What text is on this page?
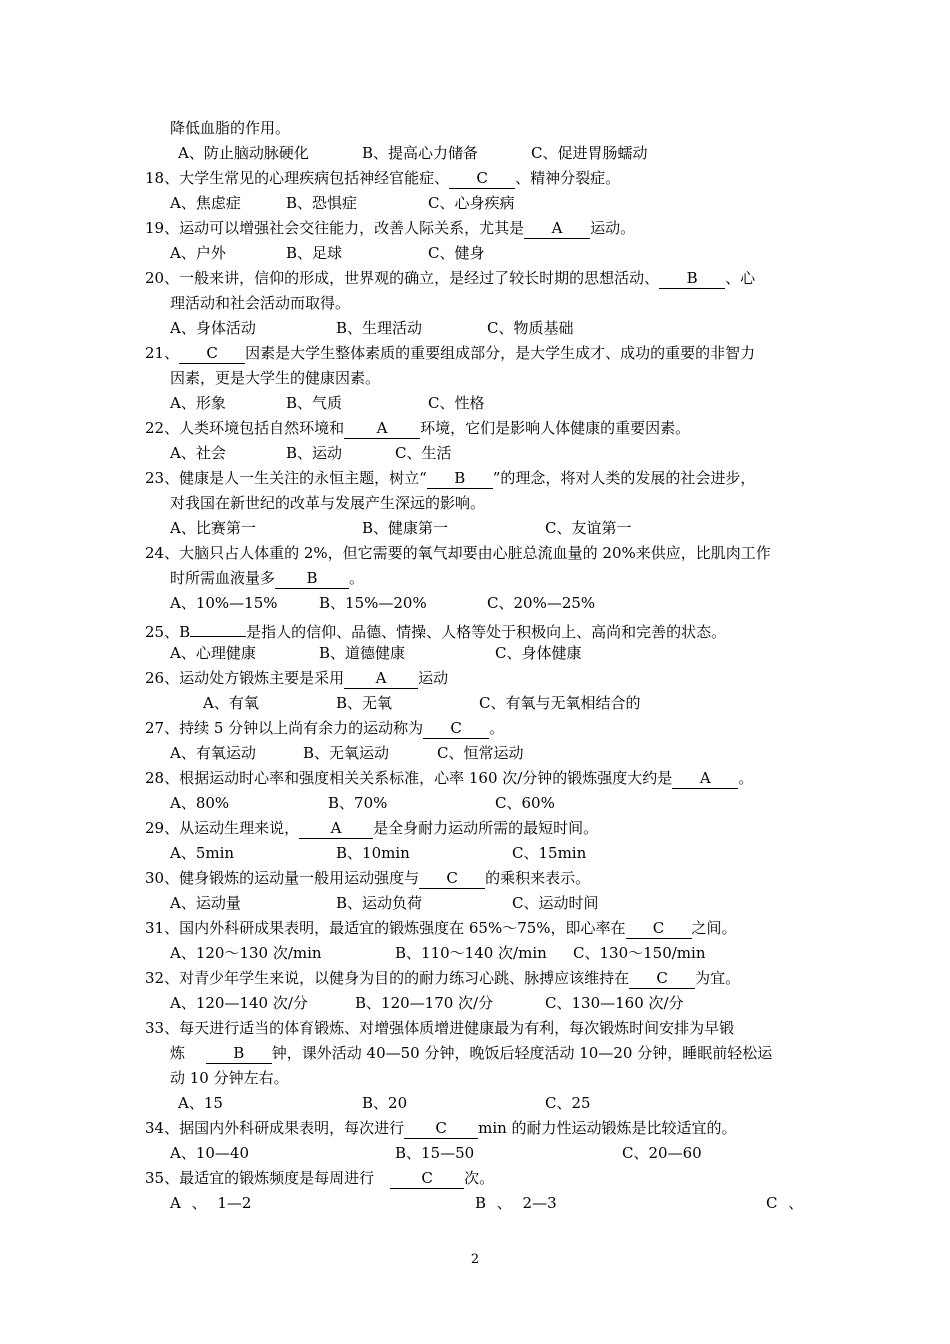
降低血脂的作用。
A、防止脑动脉硬化	B、提高心力储备	C、促进胃肠蠕动
18、大学生常见的心理疾病包括神经官能症、 C 、精神分裂症。
A、焦虑症	B、恐惧症	C、心身疾病
19、运动可以增强社会交往能力，改善人际关系，尤其是 A 运动。
A、户外	B、足球	C、健身
20、一般来讲，信仰的形成，世界观的确立，是经过了较长时期的思想活动、 B 、心
理活动和社会活动而取得。
A、身体活动	B、生理活动	C、物质基础
21、 C 因素是大学生整体素质的重要组成部分，是大学生成才、成功的重要的非智力
因素，更是大学生的健康因素。
A、形象	B、气质	C、性格
22、人类环境包括自然环境和 A 环境，它们是影响人体健康的重要因素。
A、社会	B、运动	C、生活
23、健康是人一生关注的永恒主题，树立“ B ”的理念，将对人类的发展的社会进步，
对我国在新世纪的改革与发展产生深远的影响。
A、比赛第一	B、健康第一	C、友谊第一
24、大脑只占人体重的 2%，但它需要的氧气却要由心脏总流血量的 20%来供应，比肌肉工作
时所需血液量多 B 。
A、10%—15%	B、15%—20%	C、20%—25%
25、B	是指人的信仰、品德、情操、人格等处于积极向上、高尚和完善的状态。
A、心理健康	B、道德健康	C、身体健康
26、运动处方锻炼主要是采用 A 运动
A、有氧	B、无氧	C、有氧与无氧相结合的
27、持续 5 分钟以上尚有余力的运动称为 C 。
A、有氧运动	B、无氧运动	C、恒常运动
28、根据运动时心率和强度相关关系标准，心率 160 次/分钟的锻炼强度大约是 A 。
A、80%	B、70%	C、60%
29、从运动生理来说， A 是全身耐力运动所需的最短时间。
A、5min	B、10min	C、15min
30、健身锻炼的运动量一般用运动强度与 C 的乘积来表示。
A、运动量	B、运动负荷	C、运动时间
31、国内外科研成果表明，最适宜的锻炼强度在 65%～75%，即心率在 C 之间。
A、120～130 次/min	B、110～140 次/min C、130～150/min
32、对青少年学生来说，以健身为目的的耐力练习心跳、脉搏应该维持在 C 为宜。
A、120—140 次/分	B、120—170 次/分	C、130—160 次/分
33、每天进行适当的体育锻炼、对增强体质增进健康最为有利，每次锻炼时间安排为早锻
炼	B 钟，课外活动 40—50 分钟，晚饭后轻度活动 10—20 分钟，睡眠前轻松运
动 10 分钟左右。
A、15	B、20	C、25
34、据国内外科研成果表明，每次进行 C min 的耐力性运动锻炼是比较适宜的。
A、10—40	B、15—50	C、20—60
35、最适宜的锻炼频度是每周进行	C 次。
A 、 1—2	B 、 2—3	C 、
2
